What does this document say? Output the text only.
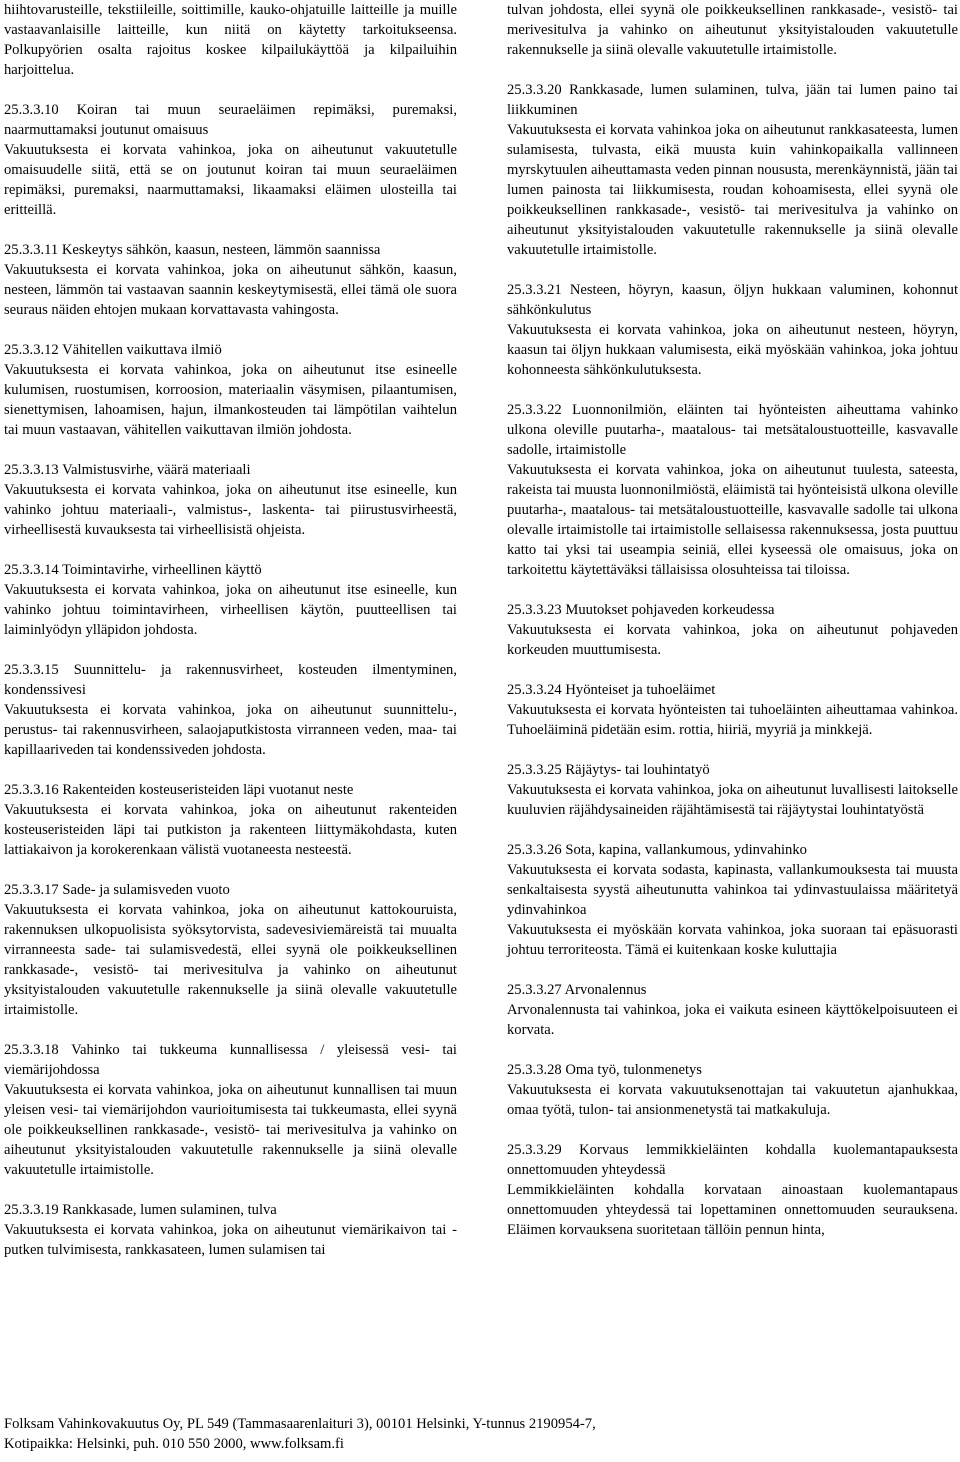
hiihtovarusteille, tekstiileille, soittimille, kauko-ohjatuille laitteille ja muille vastaavanlaisille laitteille, kun niitä on käytetty tarkoitukseensa. Polkupyörien osalta rajoitus koskee kilpailukäyttöä ja kilpailuihin harjoittelua.

25.3.3.10 Koiran tai muun seuraeläimen repimäksi, puremaksi, naarmuttamaksi joutunut omaisuus
Vakuutuksesta ei korvata vahinkoa, joka on aiheutunut vakuutetulle omaisuudelle siitä, että se on joutunut koiran tai muun seuraeläimen repimäksi, puremaksi, naarmuttamaksi, likaamaksi eläimen ulosteilla tai eritteillä.
25.3.3.11 Keskeytys sähkön, kaasun, nesteen, lämmön saannissa
Vakuutuksesta ei korvata vahinkoa, joka on aiheutunut sähkön, kaasun, nesteen, lämmön tai vastaavan saannin keskeytymisestä, ellei tämä ole suora seuraus näiden ehtojen mukaan korvattavasta vahingosta.
25.3.3.12 Vähitellen vaikuttava ilmiö
Vakuutuksesta ei korvata vahinkoa, joka on aiheutunut itse esineelle kulumisen, ruostumisen, korroosion, materiaalin väsymisen, pilaantumisen, sienettymisen, lahoamisen, hajun, ilmankosteuden tai lämpötilan vaihtelun tai muun vastaavan, vähitellen vaikuttavan ilmiön johdosta.
25.3.3.13 Valmistusvirhe, väärä materiaali
Vakuutuksesta ei korvata vahinkoa, joka on aiheutunut itse esineelle, kun vahinko johtuu materiaali-, valmistus-, laskenta- tai piirustusvirheestä, virheellisestä kuvauksesta tai virheellisistä ohjeista.
25.3.3.14 Toimintavirhe, virheellinen käyttö
Vakuutuksesta ei korvata vahinkoa, joka on aiheutunut itse esineelle, kun vahinko johtuu toimintavirheen, virheellisen käytön, puutteellisen tai laiminlyödyn ylläpidon johdosta.
25.3.3.15 Suunnittelu- ja rakennusvirheet, kosteuden ilmentyminen, kondenssivesi
Vakuutuksesta ei korvata vahinkoa, joka on aiheutunut suunnittelu-, perustus- tai rakennusvirheen, salaojaputkistosta virranneen veden, maa- tai kapillaariveden tai kondenssiveden johdosta.
25.3.3.16 Rakenteiden kosteuseristeiden läpi vuotanut neste
Vakuutuksesta ei korvata vahinkoa, joka on aiheutunut rakenteiden kosteuseristeiden läpi tai putkiston ja rakenteen liittymäkohdasta, kuten lattiakaivon ja korokerenkaan välistä vuotaneesta nesteestä.
25.3.3.17 Sade- ja sulamisveden vuoto
Vakuutuksesta ei korvata vahinkoa, joka on aiheutunut kattokouruista, rakennuksen ulkopuolisista syöksytorvista, sadevesiviemäreistä tai muualta virranneesta sade- tai sulamisvedestä, ellei syynä ole poikkeuksellinen rankkasade-, vesistö- tai merivesitulva ja vahinko on aiheutunut yksityistalouden vakuutetulle rakennukselle ja siinä olevalle vakuutetulle irtaimistolle.
25.3.3.18 Vahinko tai tukkeuma kunnallisessa / yleisessä vesi- tai viemärijohdossa
Vakuutuksesta ei korvata vahinkoa, joka on aiheutunut kunnallisen tai muun yleisen vesi- tai viemärijohdon vaurioitumisesta tai tukkeumasta, ellei syynä ole poikkeuksellinen rankkasade-, vesistö- tai merivesitulva ja vahinko on aiheutunut yksityistalouden vakuutetulle rakennukselle ja siinä olevalle vakuutetulle irtaimistolle.
25.3.3.19 Rankkasade, lumen sulaminen, tulva
Vakuutuksesta ei korvata vahinkoa, joka on aiheutunut viemärikaivon tai -putken tulvimisesta, rankkasateen, lumen sulamisen tai

tulvan johdosta, ellei syynä ole poikkeuksellinen rankkasade-, vesistö- tai merivesitulva ja vahinko on aiheutunut yksityistalouden vakuutetulle rakennukselle ja siinä olevalle vakuutetulle irtaimistolle.

25.3.3.20 Rankkasade, lumen sulaminen, tulva, jään tai lumen paino tai liikkuminen
Vakuutuksesta ei korvata vahinkoa joka on aiheutunut rankkasateesta, lumen sulamisesta, tulvasta, eikä muusta kuin vahinkopaikalla vallinneen myrskytuulen aiheuttamasta veden pinnan noususta, merenkäynnistä, jään tai lumen painosta tai liikkumisesta, roudan kohoamisesta, ellei syynä ole poikkeuksellinen rankkasade-, vesistö- tai merivesitulva ja vahinko on aiheutunut yksityistalouden vakuutetulle rakennukselle ja siinä olevalle vakuutetulle irtaimistolle.
25.3.3.21 Nesteen, höyryn, kaasun, öljyn hukkaan valuminen, kohonnut sähkönkulutus
Vakuutuksesta ei korvata vahinkoa, joka on aiheutunut nesteen, höyryn, kaasun tai öljyn hukkaan valumisesta, eikä myöskään vahinkoa, joka johtuu kohonneesta sähkönkulutuksesta.
25.3.3.22 Luonnonilmiön, eläinten tai hyönteisten aiheuttama vahinko ulkona oleville puutarha-, maatalous- tai metsätaloustuotteille, kasvavalle sadolle, irtaimistolle
Vakuutuksesta ei korvata vahinkoa, joka on aiheutunut tuulesta, sateesta, rakeista tai muusta luonnonilmiöstä, eläimistä tai hyönteisistä ulkona oleville puutarha-, maatalous- tai metsätaloustuotteille, kasvavalle sadolle tai ulkona olevalle irtaimistolle tai irtaimistolle sellaisessa rakennuksessa, josta puuttuu katto tai yksi tai useampia seiniä, ellei kyseessä ole omaisuus, joka on tarkoitettu käytettäväksi tällaisissa olosuhteissa tai tiloissa.
25.3.3.23 Muutokset pohjaveden korkeudessa
Vakuutuksesta ei korvata vahinkoa, joka on aiheutunut pohjaveden korkeuden muuttumisesta.
25.3.3.24 Hyönteiset ja tuhoeläimet
Vakuutuksesta ei korvata hyönteisten tai tuhoeläinten aiheuttamaa vahinkoa. Tuhoeläiminä pidetään esim. rottia, hiiriä, myyriä ja minkkejä.
25.3.3.25 Räjäytys- tai louhintatyö
Vakuutuksesta ei korvata vahinkoa, joka on aiheutunut luvallisesti laitokselle kuuluvien räjähdysaineiden räjähtämisestä tai räjäytystai louhintatyöstä
25.3.3.26 Sota, kapina, vallankumous, ydinvahinko
Vakuutuksesta ei korvata sodasta, kapinasta, vallankumouksesta tai muusta senkaltaisesta syystä aiheutunutta vahinkoa tai ydinvastuulaissa määritetyä ydinvahinkoa
Vakuutuksesta ei myöskään korvata vahinkoa, joka suoraan tai epäsuorasti johtuu terroriteosta. Tämä ei kuitenkaan koske kuluttajia
25.3.3.27 Arvonalennus
Arvonalennusta tai vahinkoa, joka ei vaikuta esineen käyttökelpoisuuteen ei korvata.
25.3.3.28 Oma työ, tulonmenetys
Vakuutuksesta ei korvata vakuutuksenottajan tai vakuutetun ajanhukkaa, omaa työtä, tulon- tai ansionmenetystä tai matkakuluja.
25.3.3.29 Korvaus lemmikkieläinten kohdalla kuolemantapauksesta onnettomuuden yhteydessä
Lemmikkieläinten kohdalla korvataan ainoastaan kuolemantapaus onnettomuuden yhteydessä tai lopettaminen onnettomuuden seurauksena. Eläimen korvauksena suoritetaan tällöin pennun hinta,
Folksam Vahinkovakuutus Oy, PL 549 (Tammasaarenlaituri 3), 00101 Helsinki, Y-tunnus 2190954-7,
Kotipaikka: Helsinki, puh. 010 550 2000, www.folksam.fi
